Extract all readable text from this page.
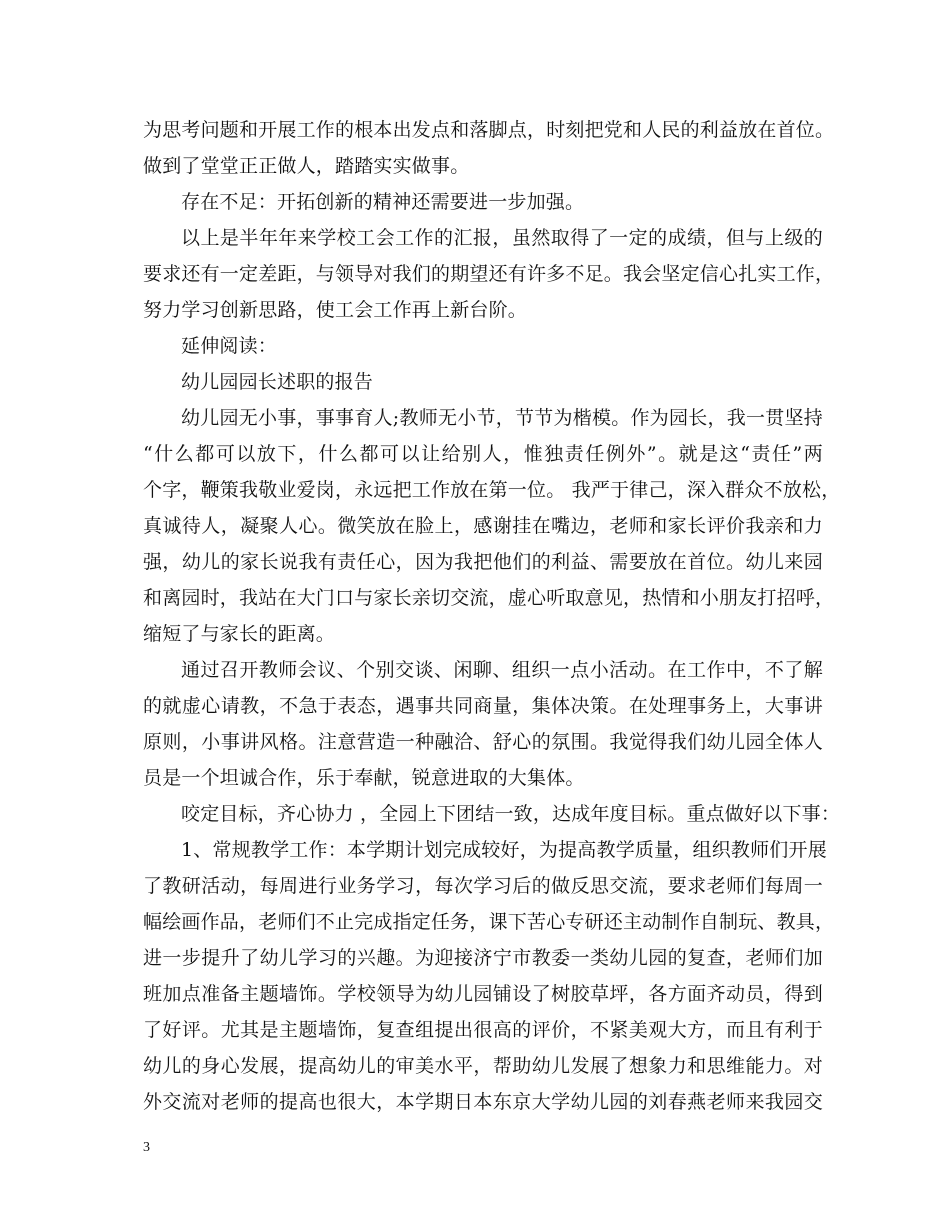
为思考问题和开展工作的根本出发点和落脚点，时刻把党和人民的利益放在首位。
做到了堂堂正正做人，踏踏实实做事。
存在不足：开拓创新的精神还需要进一步加强。
以上是半年年来学校工会工作的汇报，虽然取得了一定的成绩，但与上级的
要求还有一定差距，与领导对我们的期望还有许多不足。我会坚定信心扎实工作，
努力学习创新思路，使工会工作再上新台阶。
延伸阅读：
幼儿园园长述职的报告
幼儿园无小事，事事育人;教师无小节，节节为楷模。作为园长，我一贯坚持
“什么都可以放下，什么都可以让给别人，惟独责任例外”。就是这“责任”两
个字，鞭策我敬业爱岗，永远把工作放在第一位。 我严于律己，深入群众不放松，
真诚待人，凝聚人心。微笑放在脸上，感谢挂在嘴边，老师和家长评价我亲和力
强，幼儿的家长说我有责任心，因为我把他们的利益、需要放在首位。幼儿来园
和离园时，我站在大门口与家长亲切交流，虚心听取意见，热情和小朋友打招呼，
缩短了与家长的距离。
通过召开教师会议、个别交谈、闲聊、组织一点小活动。在工作中，不了解
的就虚心请教，不急于表态，遇事共同商量，集体决策。在处理事务上，大事讲
原则，小事讲风格。注意营造一种融洽、舒心的氛围。我觉得我们幼儿园全体人
员是一个坦诚合作，乐于奉献，锐意进取的大集体。
咬定目标，齐心协力 ，全园上下团结一致，达成年度目标。重点做好以下事：
1、常规教学工作：本学期计划完成较好，为提高教学质量，组织教师们开展
了教研活动，每周进行业务学习，每次学习后的做反思交流，要求老师们每周一
幅绘画作品，老师们不止完成指定任务，课下苦心专研还主动制作自制玩、教具，
进一步提升了幼儿学习的兴趣。为迎接济宁市教委一类幼儿园的复查，老师们加
班加点准备主题墙饰。学校领导为幼儿园铺设了树胶草坪，各方面齐动员，得到
了好评。尤其是主题墙饰，复查组提出很高的评价，不紧美观大方，而且有利于
幼儿的身心发展，提高幼儿的审美水平，帮助幼儿发展了想象力和思维能力。对
外交流对老师的提高也很大，本学期日本东京大学幼儿园的刘春燕老师来我园交
3
